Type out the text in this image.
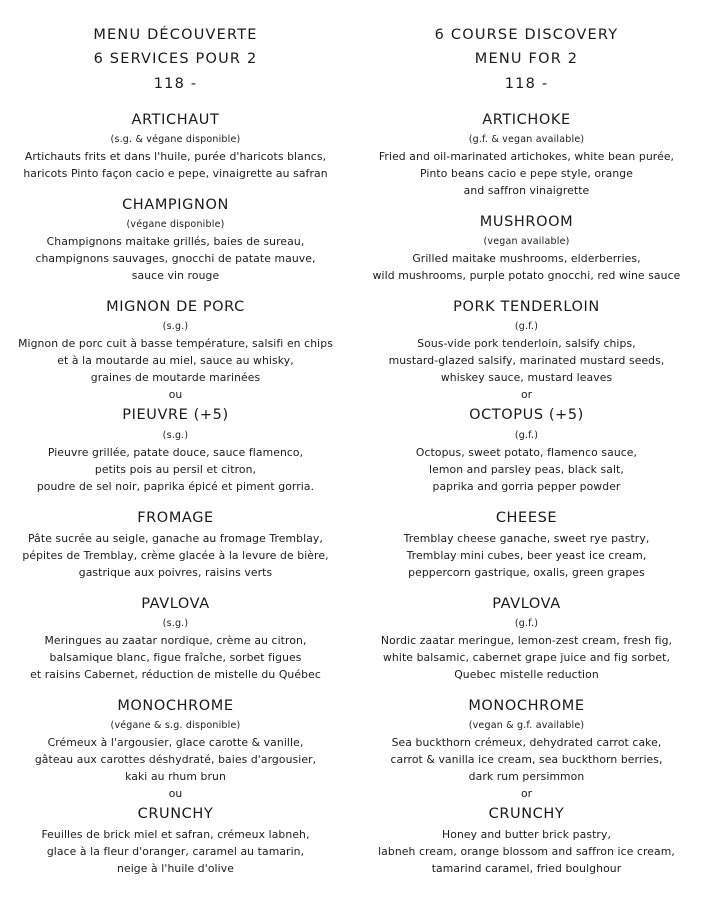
MENU DÉCOUVERTE
6 SERVICES POUR 2
118 -
ARTICHAUT
(s.g. & végane disponible)
Artichauts frits et dans l'huile, purée d'haricots blancs,
haricots Pinto façon cacio e pepe, vinaigrette au safran
CHAMPIGNON
(végane disponible)
Champignons maitake grillés, baies de sureau,
champignons sauvages, gnocchi de patate mauve,
sauce vin rouge
MIGNON DE PORC
(s.g.)
Mignon de porc cuit à basse température, salsifi en chips
et à la moutarde au miel, sauce au whisky,
graines de moutarde marinées
ou
PIEUVRE (+5)
(s.g.)
Pieuvre grillée, patate douce, sauce flamenco,
petits pois au persil et citron,
poudre de sel noir, paprika épicé et piment gorria.
FROMAGE
Pâte sucrée au seigle, ganache au fromage Tremblay,
pépites de Tremblay, crème glacée à la levure de bière,
gastrique aux poivres, raisins verts
PAVLOVA
(s.g.)
Meringues au zaatar nordique, crème au citron,
balsamique blanc, figue fraîche, sorbet figues
et raisins Cabernet, réduction de mistelle du Québec
MONOCHROME
(végane & s.g. disponible)
Crémeux à l'argousier, glace carotte & vanille,
gâteau aux carottes déshydraté, baies d'argousier,
kaki au rhum brun
ou
CRUNCHY
Feuilles de brick miel et safran, crémeux labneh,
glace à la fleur d'oranger, caramel au tamarin,
neige à l'huile d'olive
6 COURSE DISCOVERY
MENU FOR 2
118 -
ARTICHOKE
(g.f. & vegan available)
Fried and oil-marinated artichokes, white bean purée,
Pinto beans cacio e pepe style, orange
and saffron vinaigrette
MUSHROOM
(vegan available)
Grilled maitake mushrooms, elderberries,
wild mushrooms, purple potato gnocchi, red wine sauce
PORK TENDERLOIN
(g.f.)
Sous-vide pork tenderloin, salsify chips,
mustard-glazed salsify, marinated mustard seeds,
whiskey sauce, mustard leaves
or
OCTOPUS (+5)
(g.f.)
Octopus, sweet potato, flamenco sauce,
lemon and parsley peas, black salt,
paprika and gorria pepper powder
CHEESE
Tremblay cheese ganache, sweet rye pastry,
Tremblay mini cubes, beer yeast ice cream,
peppercorn gastrique, oxalis, green grapes
PAVLOVA
(g.f.)
Nordic zaatar meringue, lemon-zest cream, fresh fig,
white balsamic, cabernet grape juice and fig sorbet,
Quebec mistelle reduction
MONOCHROME
(vegan & g.f. available)
Sea buckthorn crémeux, dehydrated carrot cake,
carrot & vanilla ice cream, sea buckthorn berries,
dark rum persimmon
or
CRUNCHY
Honey and butter brick pastry,
labneh cream, orange blossom and saffron ice cream,
tamarind caramel, fried boulghour
